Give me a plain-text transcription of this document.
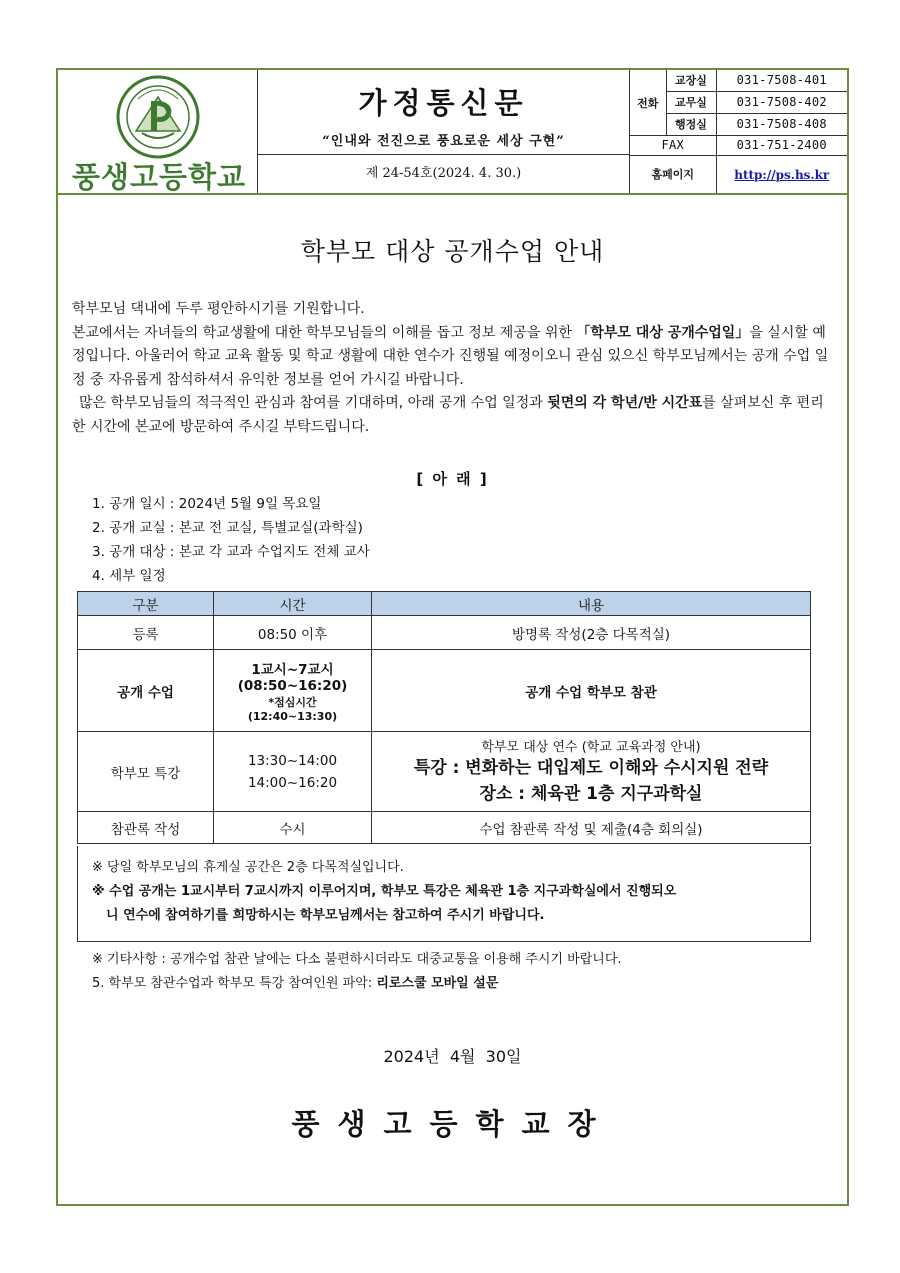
풍생고등학교
가정통신문
“인내와 전진으로 풍요로운 세상 구현”
제 24-54호(2024. 4. 30.)
전화	교장실	031-7508-401
	교무실	031-7508-402
	행정실	031-7508-408
FAX		031-751-2400
홈페이지		http://ps.hs.kr
학부모 대상 공개수업 안내

학부모님 댁내에 두루 평안하시기를 기원합니다.

본교에서는 자녀들의 학교생활에 대한 학부모님들의 이해를 돕고 정보 제공을 위한 「학부모 대상 공개수업일」을 실시할 예정입니다. 아울러어 학교 교육 활동 및 학교 생활에 대한 연수가 진행될 예정이오니 관심 있으신 학부모님께서는 공개 수업 일정 중 자유롭게 참석하셔서 유익한 정보를 얻어 가시길 바랍니다.

많은 학부모님들의 적극적인 관심과 참여를 기대하며, 아래 공개 수업 일정과 뒷면의 각 학년/반 시간표를 살펴보신 후 편리한 시간에 본교에 방문하여 주시길 부탁드립니다.

[ 아 래 ]
1. 공개 일시 : 2024년 5월 9일 목요일
2. 공개 교실 : 본교 전 교실, 특별교실(과학실)
3. 공개 대상 : 본교 각 교과 수업지도 전체 교사
4. 세부 일정
구분	시간	내용
등록	08:50 이후	방명록 작성(2층 다목적실)
공개 수업	1교시~7교시
(08:50~16:20)
*점심시간
(12:40~13:30)	공개 수업 학부모 참관
학부모 특강	13:30~14:00
14:00~16:20	학부모 대상 연수 (학교 교육과정 안내)
특강 : 변화하는 대입제도 이해와 수시지원 전략
장소 : 체육관 1층 지구과학실

참관록 작성	수시	수업 참관록 작성 및 제출(4층 회의실)
※ 당일 학부모님의 휴게실 공간은 2층 다목적실입니다.
※ 수업 공개는 1교시부터 7교시까지 이루어지며, 학부모 특강은 체육관 1층 지구과학실에서 진행되오
니 연수에 참여하기를 희망하시는 학부모님께서는 참고하여 주시기 바랍니다.
※ 기타사항 : 공개수업 참관 날에는 다소 불편하시더라도 대중교통을 이용해 주시기 바랍니다.
5. 학부모 참관수업과 학부모 특강 참여인원 파악: 리로스쿨 모바일 설문
2024년  4월  30일
풍생고등학교장
